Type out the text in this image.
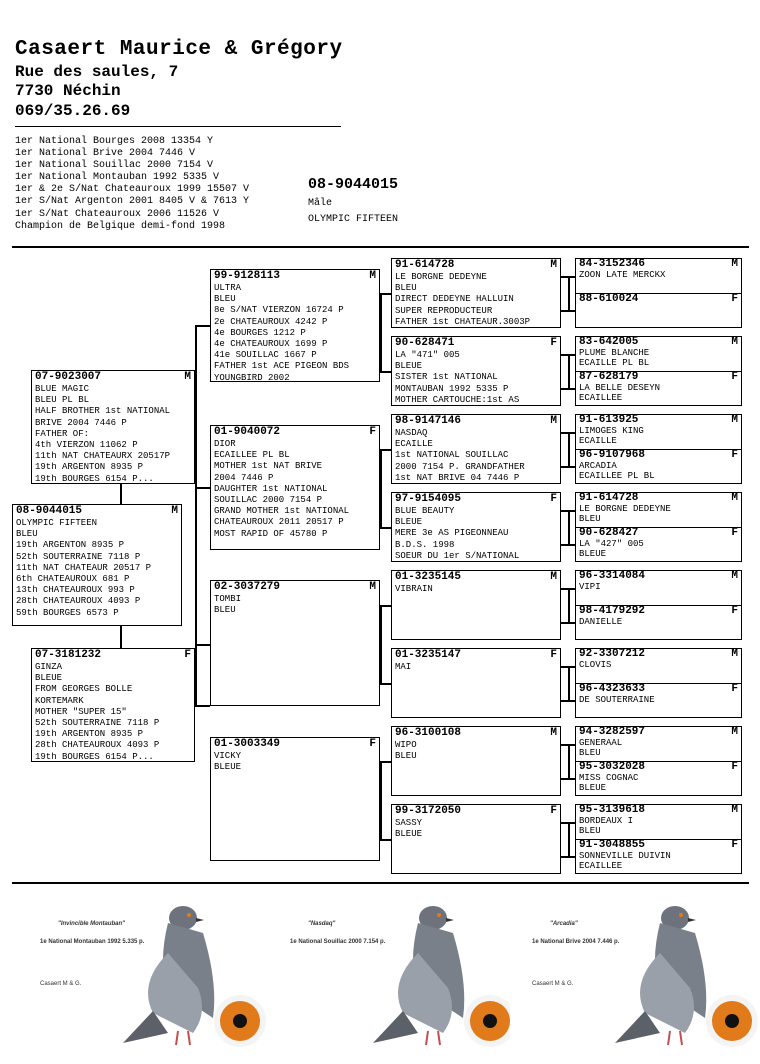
Casaert Maurice & Grégory
Rue des saules, 7
7730 Néchin
069/35.26.69
1er National Bourges 2008 13354 Y
1er National Brive 2004 7446 V
1er National Souillac 2000 7154 V
1er National Montauban 1992 5335 V
1er & 2e S/Nat Chateauroux 1999 15507 V
1er S/Nat Argenton 2001 8405 V & 7613 Y
1er S/Nat Chateauroux 2006 11526 V
Champion de Belgique demi-fond 1998
08-9044015
Mâle
OLYMPIC FIFTEEN
08-9044015	M
OLYMPIC FIFTEEN
BLEU
19th ARGENTON 8935 P
52th SOUTERRAINE 7118 P
11th NAT CHATEAUR 20517 P
6th CHATEAUROUX 681 P
13th CHATEAUROUX 993 P
28th CHATEAUROUX 4093 P
59th BOURGES 6573 P
07-9023007	M
BLUE MAGIC
BLEU PL BL
HALF BROTHER 1st NATIONAL
BRIVE 2004 7446 P
FATHER OF:
4th VIERZON 11062 P
11th NAT CHATEAURX 20517P
19th ARGENTON 8935 P
19th BOURGES 6154 P...
07-3181232	F
GINZA
BLEUE
FROM GEORGES BOLLE
KORTEMARK
MOTHER "SUPER 15"
52th SOUTERRAINE 7118 P
19th ARGENTON 8935 P
28th CHATEAUROUX 4093 P
19th BOURGES 6154 P...
99-9128113	M
ULTRA
BLEU
8e S/NAT VIERZON 16724 P
2e CHATEAUROUX 4242 P
4e BOURGES 1212 P
4e CHATEAUROUX 1699 P
41e SOUILLAC 1667 P
FATHER 1st ACE PIGEON BDS
YOUNGBIRD 2002
01-9040072	F
DIOR
ECAILLEE PL BL
MOTHER 1st NAT BRIVE
2004 7446 P
DAUGHTER 1st NATIONAL
SOUILLAC 2000 7154 P
GRAND MOTHER 1st NATIONAL
CHATEAUROUX 2011 20517 P
MOST RAPID OF 45780 P
02-3037279	M
TOMBI
BLEU
01-3003349	F
VICKY
BLEUE
91-614728	M
LE BORGNE DEDEYNE
BLEU
DIRECT DEDEYNE HALLUIN
SUPER REPRODUCTEUR
FATHER 1st CHATEAUR.3003P
90-628471	F
LA "471" 005
BLEUE
SISTER 1st NATIONAL
MONTAUBAN 1992 5335 P
MOTHER CARTOUCHE:1st AS
98-9147146	M
NASDAQ
ECAILLE
1st NATIONAL SOUILLAC
2000 7154 P. GRANDFATHER
1st NAT BRIVE 04 7446 P
97-9154095	F
BLUE BEAUTY
BLEUE
MERE 3e AS PIGEONNEAU
B.D.S. 1998
SOEUR DU 1er S/NATIONAL
01-3235145	M
VIBRAIN
01-3235147	F
MAI
96-3100108	M
WIPO
BLEU
99-3172050	F
SASSY
BLEUE
84-3152346	M
ZOON LATE MERCKX
88-610024	F
83-642005	M
PLUME BLANCHE
ECAILLE PL BL
87-628179	F
LA BELLE DESEYN
ECAILLEE
91-613925	M
LIMOGES KING
ECAILLE
96-9107968	F
ARCADIA
ECAILLEE PL BL
91-614728	M
LE BORGNE DEDEYNE
BLEU
90-628427	F
LA "427" 005
BLEUE
96-3314084	M
VIPI
98-4179292	F
DANIELLE
92-3307212	M
CLOVIS
96-4323633	F
DE SOUTERRAINE
94-3282597	M
GENERAAL
BLEU
95-3032028	F
MISS COGNAC
BLEUE
95-3139618	M
BORDEAUX I
BLEU
91-3048855	F
SONNEVILLE DUIVIN
ECAILLEE
"Invincible Montauban"
1e National Montauban 1992 5.335 p.
Casaert M & G.
"Nasdaq"
1e National Souillac 2000 7.154 p.
"Arcadia"
1e National Brive 2004 7.446 p.
Casaert M & G.
